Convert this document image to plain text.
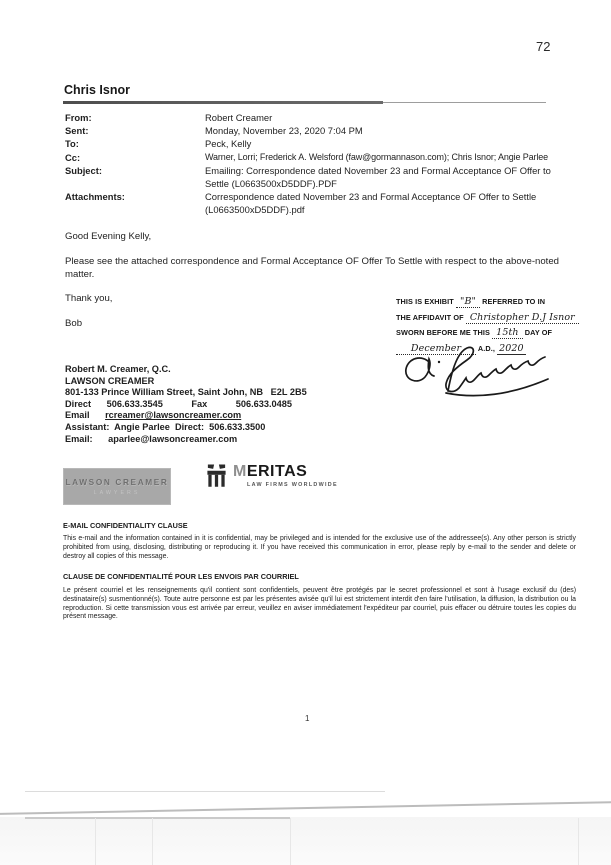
72
Chris Isnor
From:	Robert Creamer
Sent:	Monday, November 23, 2020 7:04 PM
To:	Peck, Kelly
Cc:	Warner, Lorri; Frederick A. Welsford (faw@gormannason.com); Chris Isnor; Angie Parlee
Subject:	Emailing: Correspondence dated November 23 and Formal Acceptance OF Offer to Settle (L0663500xD5DDF).PDF
Attachments:	Correspondence dated November 23 and Formal Acceptance OF Offer to Settle (L0663500xD5DDF).pdf
Good Evening Kelly,
Please see the attached correspondence and Formal Acceptance OF Offer To Settle with respect to the above-noted matter.
Thank you,
Bob
THIS IS EXHIBIT "B" REFERRED TO IN
THE AFFIDAVIT OF Christopher D.J Isnor
SWORN BEFORE ME THIS 15th DAY OF
December A.D., 2020
Robert M. Creamer, Q.C.
LAWSON CREAMER
801-133 Prince William Street, Saint John, NB   E2L 2B5
Direct 506.633.3545	Fax	506.633.0485
Email rcreamer@lawsoncreamer.com
Assistant:  Angie Parlee  Direct:  506.633.3500
Email: aparlee@lawsoncreamer.com
LAWSON CREAMER
LAWYERS
MERITAS
LAW FIRMS WORLDWIDE
E-MAIL CONFIDENTIALITY CLAUSE
This e-mail and the information contained in it is confidential, may be privileged and is intended for the exclusive use of the addressee(s). Any other person is strictly prohibited from using, disclosing, distributing or reproducing it. If you have received this communication in error, please reply by e-mail to the sender and delete or destroy all copies of this message.
CLAUSE DE CONFIDENTIALITÉ POUR LES ENVOIS PAR COURRIEL
Le présent courriel et les renseignements qu'il contient sont confidentiels, peuvent être protégés par le secret professionnel et sont à l'usage exclusif du (des) destinataire(s) susmentionné(s). Toute autre personne est par les présentes avisée qu'il lui est strictement interdit d'en faire l'utilisation, la diffusion, la distribution ou la reproduction. Si cette transmission vous est arrivée par erreur, veuillez en aviser immédiatement l'expéditeur par courriel, puis effacer ou détruire toutes les copies du présent message.
1
